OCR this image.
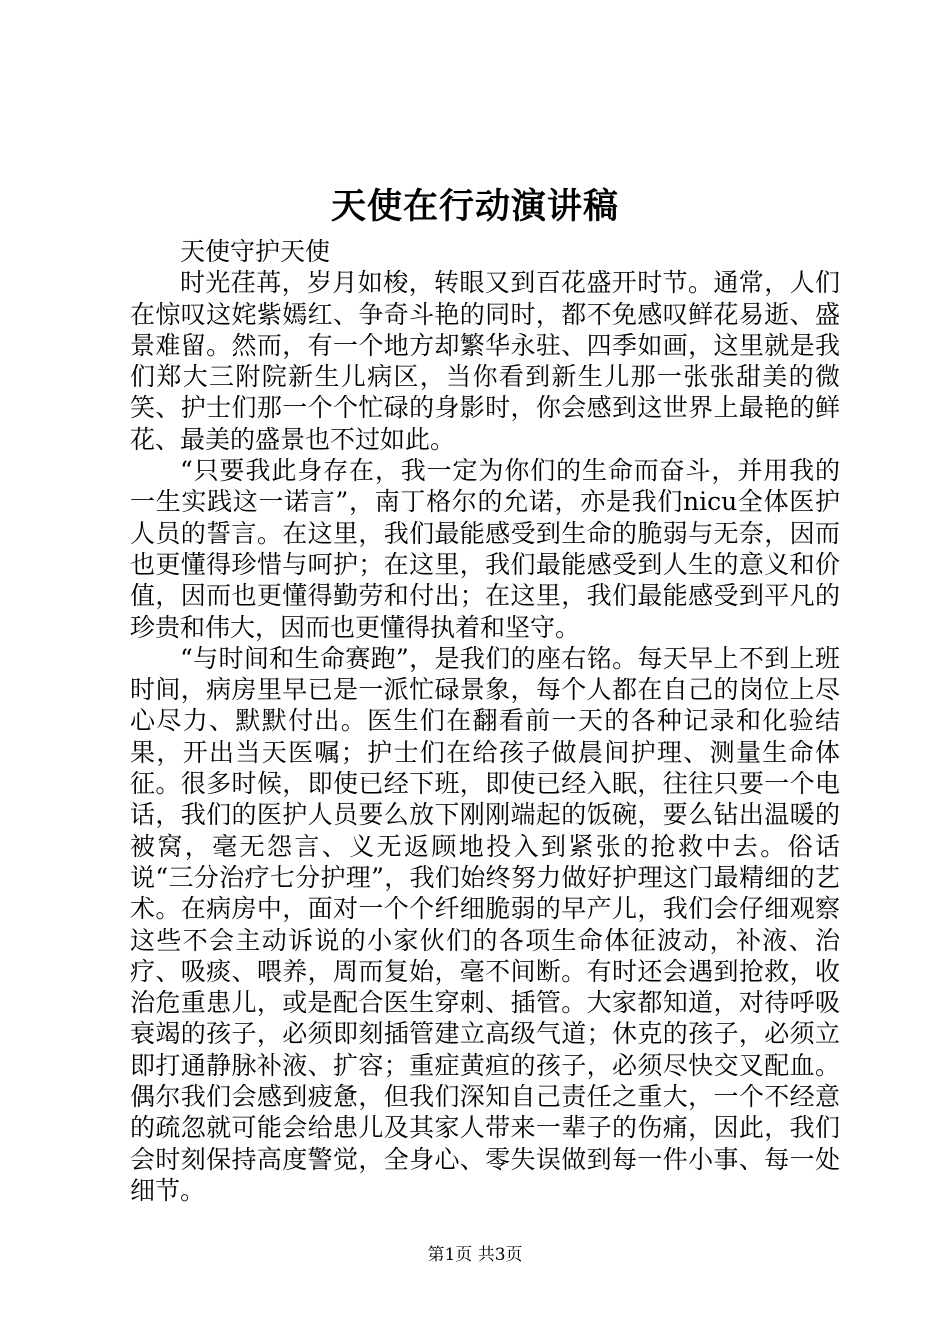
天使在行动演讲稿

天使守护天使

时光荏苒，岁月如梭，转眼又到百花盛开时节。通常，人们在惊叹这姹紫嫣红、争奇斗艳的同时，都不免感叹鲜花易逝、盛景难留。然而，有一个地方却繁华永驻、四季如画，这里就是我们郑大三附院新生儿病区，当你看到新生儿那一张张甜美的微笑、护士们那一个个忙碌的身影时，你会感到这世界上最艳的鲜花、最美的盛景也不过如此。

“只要我此身存在，我一定为你们的生命而奋斗，并用我的一生实践这一诺言”，南丁格尔的允诺，亦是我们nicu全体医护人员的誓言。在这里，我们最能感受到生命的脆弱与无奈，因而也更懂得珍惜与呵护；在这里，我们最能感受到人生的意义和价值，因而也更懂得勤劳和付出；在这里，我们最能感受到平凡的珍贵和伟大，因而也更懂得执着和坚守。

“与时间和生命赛跑”，是我们的座右铭。每天早上不到上班时间，病房里早已是一派忙碌景象，每个人都在自己的岗位上尽心尽力、默默付出。医生们在翻看前一天的各种记录和化验结果，开出当天医嘱；护士们在给孩子做晨间护理、测量生命体征。很多时候，即使已经下班，即使已经入眠，往往只要一个电话，我们的医护人员要么放下刚刚端起的饭碗，要么钻出温暖的被窝，毫无怨言、义无返顾地投入到紧张的抢救中去。俗话说“三分治疗七分护理”，我们始终努力做好护理这门最精细的艺术。在病房中，面对一个个纤细脆弱的早产儿，我们会仔细观察这些不会主动诉说的小家伙们的各项生命体征波动，补液、治疗、吸痰、喂养，周而复始，毫不间断。有时还会遇到抢救，收治危重患儿，或是配合医生穿刺、插管。大家都知道，对待呼吸衰竭的孩子，必须即刻插管建立高级气道；休克的孩子，必须立即打通静脉补液、扩容；重症黄疸的孩子，必须尽快交叉配血。偶尔我们会感到疲惫，但我们深知自己责任之重大，一个不经意的疏忽就可能会给患儿及其家人带来一辈子的伤痛，因此，我们会时刻保持高度警觉，全身心、零失误做到每一件小事、每一处细节。

第1页 共3页
